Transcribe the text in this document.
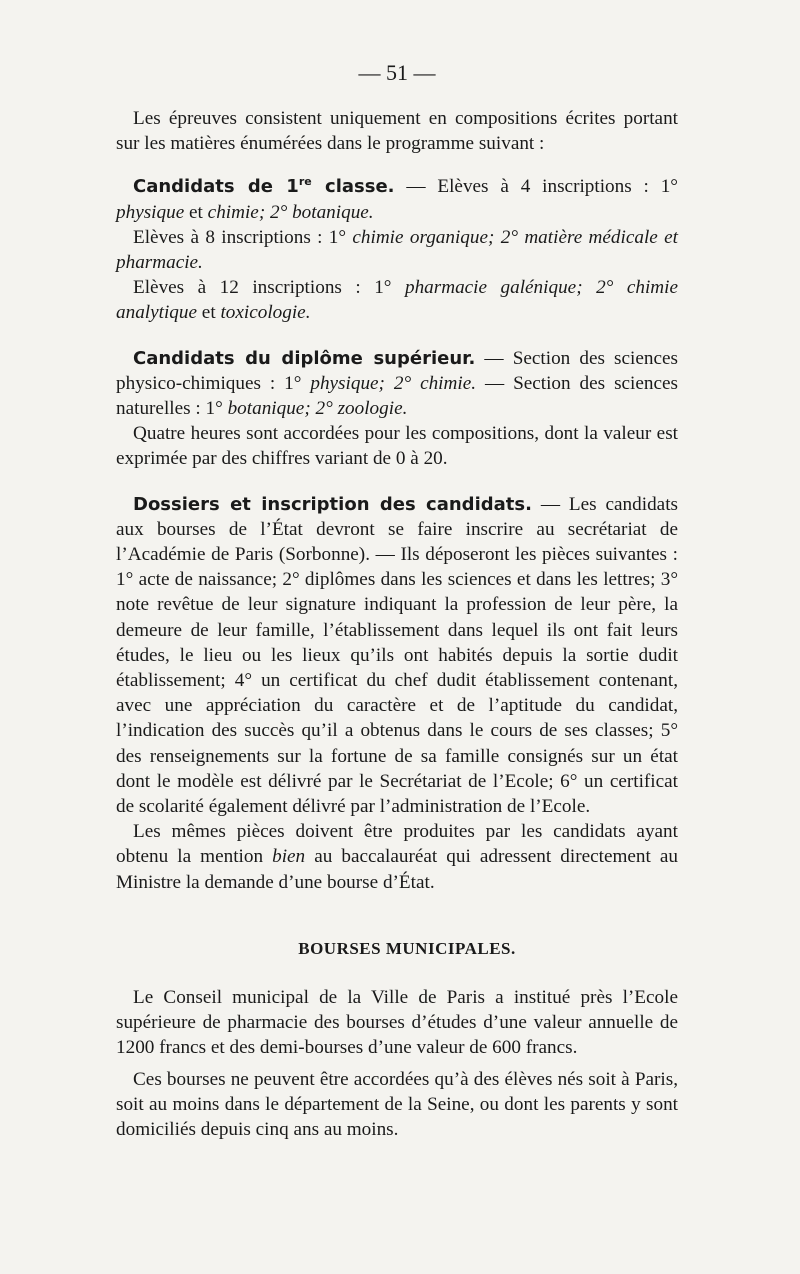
— 51 —

Les épreuves consistent uniquement en compositions écrites portant sur les matières énumérées dans le programme suivant :

Candidats de 1re classe. — Elèves à 4 inscriptions : 1° physique et chimie; 2° botanique.

Elèves à 8 inscriptions : 1° chimie organique; 2° matière médicale et pharmacie.

Elèves à 12 inscriptions : 1° pharmacie galénique; 2° chimie analytique et toxicologie.

Candidats du diplôme supérieur. — Section des sciences physico-chimiques : 1° physique; 2° chimie. — Section des sciences naturelles : 1° botanique; 2° zoologie.

Quatre heures sont accordées pour les compositions, dont la valeur est exprimée par des chiffres variant de 0 à 20.

Dossiers et inscription des candidats. — Les candidats aux bourses de l’État devront se faire inscrire au secrétariat de l’Académie de Paris (Sorbonne). — Ils déposeront les pièces suivantes : 1° acte de naissance; 2° diplômes dans les sciences et dans les lettres; 3° note revêtue de leur signature indiquant la profession de leur père, la demeure de leur famille, l’établissement dans lequel ils ont fait leurs études, le lieu ou les lieux qu’ils ont habités depuis la sortie dudit établissement; 4° un certificat du chef dudit établissement contenant, avec une appréciation du caractère et de l’aptitude du candidat, l’indication des succès qu’il a obtenus dans le cours de ses classes; 5° des renseignements sur la fortune de sa famille consignés sur un état dont le modèle est délivré par le Secrétariat de l’Ecole; 6° un certificat de scolarité également délivré par l’administration de l’Ecole.

Les mêmes pièces doivent être produites par les candidats ayant obtenu la mention bien au baccalauréat qui adressent directement au Ministre la demande d’une bourse d’État.

BOURSES MUNICIPALES.

Le Conseil municipal de la Ville de Paris a institué près l’Ecole supérieure de pharmacie des bourses d’études d’une valeur annuelle de 1200 francs et des demi-bourses d’une valeur de 600 francs.

Ces bourses ne peuvent être accordées qu’à des élèves nés soit à Paris, soit au moins dans le département de la Seine, ou dont les parents y sont domiciliés depuis cinq ans au moins.
